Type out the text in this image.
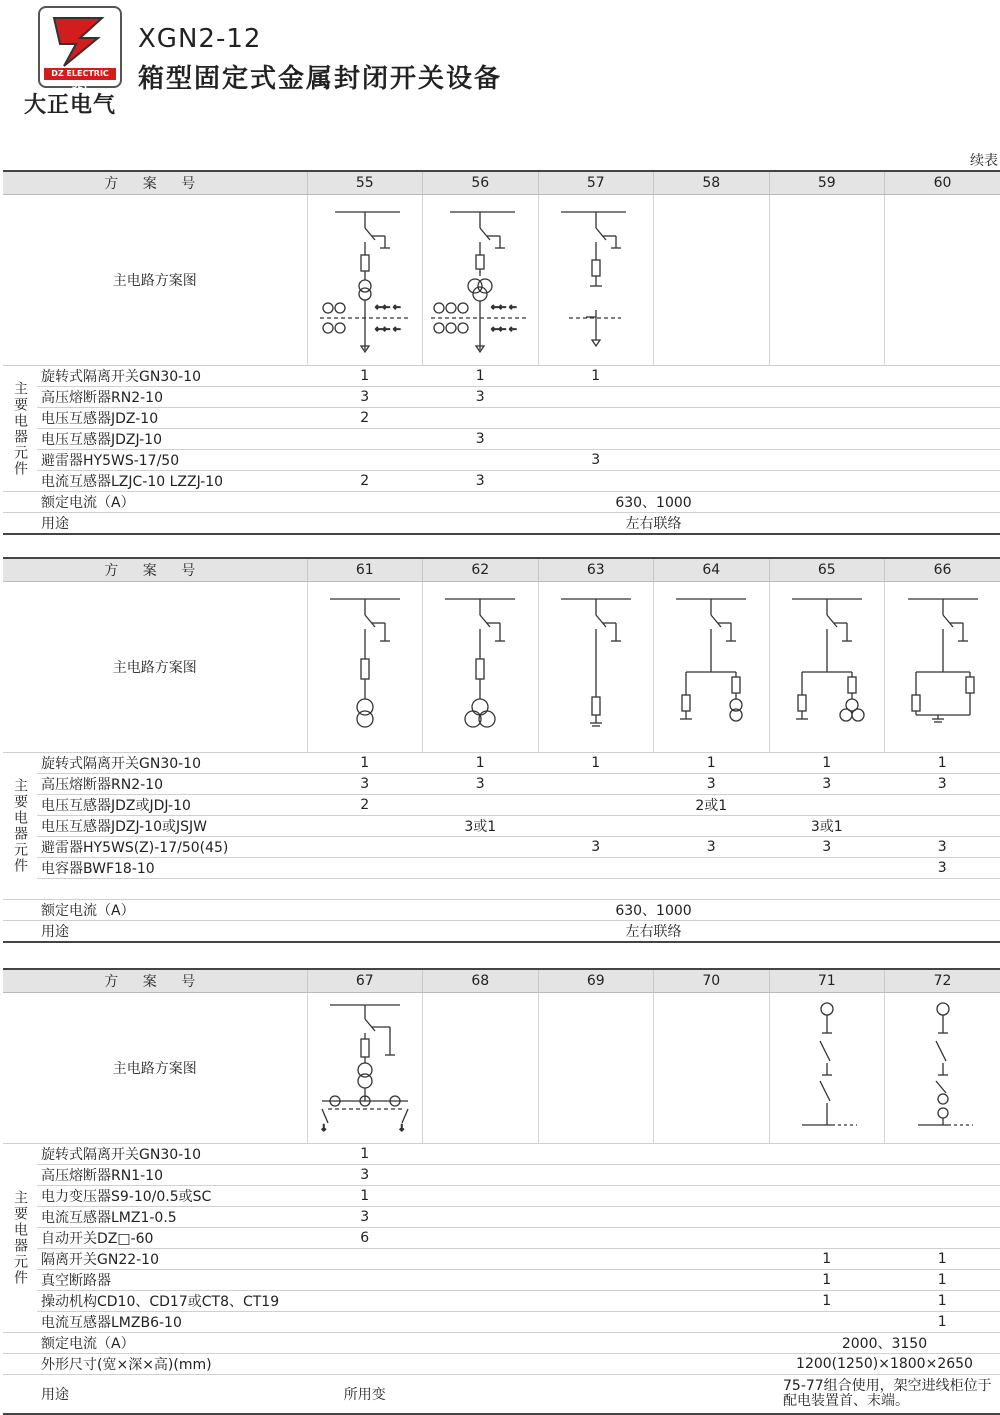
DZ ELECTRIC SET
大正电气
XGN2-12
箱型固定式金属封闭开关设备
续表
方 案 号		55	56	57	58	59	60
主电路方案图		⇠⇠ ⇠
⇠⇠ ⇠	⇠⇠ ⇠
⇠⇠ ⇠

主要电器元件	旋转式隔离开关GN30-10	1	1	1			
	高压熔断器RN2-10	3	3				
	电压互感器JDZ-10	2					
	电压互感器JDZJ-10		3				
	避雷器HY5WS-17/50			3			
	电流互感器LZJC-10 LZZJ-10	2	3				
	额定电流（A）	630、1000					
	用途	左右联络					
方 案 号		61	62	63	64	65	66
主电路方案图	

主要电器元件	旋转式隔离开关GN30-10	1	1	1	1	1	1
	高压熔断器RN2-10	3	3		3	3	3
	电压互感器JDZ或JDJ-10	2			2或1		
	电压互感器JDZJ-10或JSJW		3或1			3或1	
	避雷器HY5WS(Z)-17/50(45)			3	3	3	3
	电容器BWF18-10						3

	额定电流（A）	630、1000					
	用途	左右联络					
方 案 号		67	68	69	70	71	72
主电路方案图		⇣ ⇣

主要电器元件	旋转式隔离开关GN30-10	1					
	高压熔断器RN1-10	3					
	电力变压器S9-10/0.5或SC	1					
	电流互感器LMZ1-0.5	3					
	自动开关DZ□-60	6					
	隔离开关GN22-10					1	1
	真空断路器					1	1
	操动机构CD10、CD17或CT8、CT19					1	1
	电流互感器LMZB6-10						1
	额定电流（A）					2000、3150	
	外形尺寸(宽×深×高)(mm)					1200(1250)×1800×2650	
	用途	所用变				75-77组合使用，架空进线柜位于配电装置首、末端。	
